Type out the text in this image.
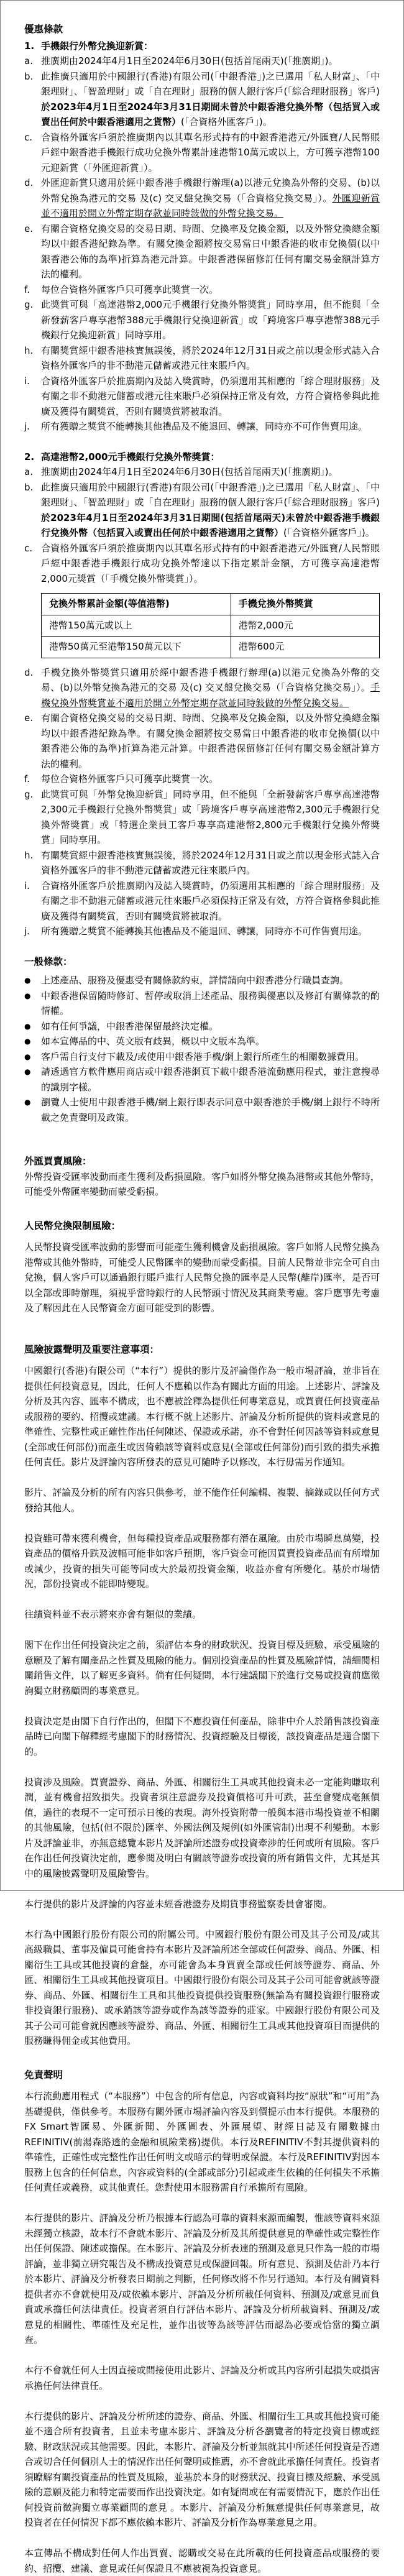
優惠條款
1. 手機銀行外幣兌換迎新賞：
a. 推廣期由2024年4月1日至2024年6月30日(包括首尾兩天)(「推廣期」)。
b. 此推廣只適用於中國銀行(香港)有限公司(「中銀香港」)之已選用「私人財富」、「中銀理財」、「智盈理財」或「自在理財」服務的個人銀行客戶(「綜合理財服務」客戶)於2023年4月1日至2024年3月31日期間未曾於中銀香港兌換外幣（包括買入或賣出任何於中銀香港適用之貨幣）(「合資格外匯客戶」)。
c. 合資格外匯客戶須於推廣期內以其單名形式持有的中銀香港港元/外匯寶/人民幣賬戶經中銀香港手機銀行成功兌換外幣累計達港幣10萬元或以上，方可獲享港幣100元迎新賞（「外匯迎新賞」）。
d. 外匯迎新賞只適用於經中銀香港手機銀行辦理(a)以港元兌換為外幣的交易、(b)以外幣兌換為港元的交易 及(c) 交叉盤兌換交易（「合資格兌換交易」）。外匯迎新賞並不適用於開立外幣定期存款並同時敍做的外幣兌換交易。
e. 有關合資格兌換交易的交易日期、時間、兌換率及兌換金額，以及外幣兌換總金額均以中銀香港紀錄為準。有關兌換金額將按交易當日中銀香港的收市兌換價(以中銀香港公佈的為準)折算為港元計算。中銀香港保留修訂任何有關交易金額計算方法的權利。
f.	每位合資格外匯客戶只可獲享此獎賞一次。
g. 此獎賞可與「高達港幣2,000元手機銀行兌換外幣獎賞」同時享用，但不能與「全新發薪客戶專享港幣388元手機銀行兌換迎新賞」或「跨境客戶專享港幣388元手機銀行兌換迎新賞」同時享用。
h. 有關獎賞經中銀香港核實無誤後，將於2024年12月31日或之前以現金形式誌入合資格外匯客戶的非不動港元儲蓄或港元往來賬戶內。
i.	合資格外匯客戶於推廣期內及誌入獎賞時，仍須選用其相應的「綜合理財服務」及有關之非不動港元儲蓄或港元往來賬戶必須保持正常及有效，方符合資格參與此推廣及獲得有關獎賞，否則有關獎賞將被取消。
j.	所有獲贈之獎賞不能轉換其他禮品及不能退回、轉讓，同時亦不可作售賣用途。
2. 高達港幣2,000元手機銀行兌換外幣獎賞：
a. 推廣期由2024年4月1日至2024年6月30日(包括首尾兩天)(「推廣期」)。
b. 此推廣只適用於中國銀行(香港)有限公司(「中銀香港」)之已選用「私人財富」、「中銀理財」、「智盈理財」或「自在理財」服務的個人銀行客戶(「綜合理財服務」客戶)於2023年4月1日至2024年3月31日期間(包括首尾兩天)未曾於中銀香港手機銀行兌換外幣（包括買入或賣出任何於中銀香港適用之貨幣）(「合資格外匯客戶」)。
c. 合資格外匯客戶須於推廣期內以其單名形式持有的中銀香港港元/外匯寶/人民幣賬戶經中銀香港手機銀行成功兌換外幣達以下指定累計金額，方可獲享高達港幣2,000元獎賞（「手機兌換外幣獎賞」）。
兌換外幣累計金額(等值港幣)	手機兌換外幣獎賞
港幣150萬元或以上	港幣2,000元
港幣50萬元至港幣150萬元以下	港幣600元
d. 手機兌換外幣獎賞只適用於經中銀香港手機銀行辦理(a)以港元兌換為外幣的交易、(b)以外幣兌換為港元的交易 及(c) 交叉盤兌換交易（「合資格兌換交易」）。手機兌換外幣獎賞並不適用於開立外幣定期存款並同時敍做的外幣兌換交易。
e. 有關合資格兌換交易的交易日期、時間、兌換率及兌換金額，以及外幣兌換總金額均以中銀香港紀錄為準。有關兌換金額將按交易當日中銀香港的收市兌換價(以中銀香港公佈的為準)折算為港元計算。中銀香港保留修訂任何有關交易金額計算方法的權利。
f.	每位合資格外匯客戶只可獲享此獎賞一次。
g. 此獎賞可與「外幣兌換迎新賞」同時享用，但不能與「全新發薪客戶專享高達港幣2,300元手機銀行兌換外幣獎賞」或「跨境客戶專享高達港幣2,300元手機銀行兌換外幣獎賞」或「特選企業員工客戶專享高達港幣2,800元手機銀行兌換外幣獎賞」同時享用。
h. 有關獎賞經中銀香港核實無誤後，將於2024年12月31日或之前以現金形式誌入合資格外匯客戶的非不動港元儲蓄或港元往來賬戶內。
i.	合資格外匯客戶於推廣期內及誌入獎賞時，仍須選用其相應的「綜合理財服務」及有關之非不動港元儲蓄或港元往來賬戶必須保持正常及有效，方符合資格參與此推廣及獲得有關獎賞，否則有關獎賞將被取消。
j.	所有獲贈之獎賞不能轉換其他禮品及不能退回、轉讓，同時亦不可作售賣用途。
一般條款：
●	上述產品、服務及優惠受有關條款約束，詳情請向中銀香港分行職員查詢。
●	中銀香港保留隨時修訂、暫停或取消上述產品、服務與優惠以及修訂有關條款的酌情權。
●	如有任何爭議，中銀香港保留最終決定權。
●	如本宣傳品的中、英文版有歧異，概以中文版本為準。
●	客戶需自行支付下載及/或使用中銀香港手機/網上銀行所產生的相關數據費用。
●	請透過官方軟件應用商店或中銀香港網頁下載中銀香港流動應用程式，並注意搜尋的識別字樣。
●	瀏覽人士使用中銀香港手機/網上銀行即表示同意中銀香港於手機/網上銀行不時所載之免責聲明及政策。
外匯買賣風險：

外幣投資受匯率波動而產生獲利及虧損風險。客戶如將外幣兌換為港幣或其他外幣時，可能受外幣匯率變動而蒙受虧損。

人民幣兌換限制風險：

人民幣投資受匯率波動的影響而可能產生獲利機會及虧損風險。客戶如將人民幣兌換為港幣或其他外幣時，可能受人民幣匯率的變動而蒙受虧損。目前人民幣並非完全可自由兌換，個人客戶可以通過銀行賬戶進行人民幣兌換的匯率是人民幣(離岸)匯率，是否可以全部或即時辦理，須視乎當時銀行的人民幣頭寸情況及其商業考慮。客戶應事先考慮及了解因此在人民幣資金方面可能受到的影響。

風險披露聲明及重要注意事項：

中國銀行(香港)有限公司（“本行”）提供的影片及評論僅作為一般市場評論，並非旨在提供任何投資意見，因此，任何人不應賴以作為有關此方面的用途。上述影片、評論及分析及其內容、匯率不構成，也不應被詮釋為提供任何專業意見，或買賣任何投資產品或服務的要約、招攬或建議。本行概不就上述影片、評論及分析所提供的資料或意見的準確性、完整性或正確性作出任何陳述、保證或承諾，亦不會對任何因該等資料或意見(全部或任何部份)而產生或因倚賴該等資料或意見(全部或任何部份)而引致的損失承擔任何責任。影片及評論內容所發表的意見可隨時予以修改，本行毋需另作通知。

影片、評論及分析的所有內容只供參考，並不能作任何編輯、複製、摘錄或以任何方式發給其他人。

投資雖可帶來獲利機會，但每種投資產品或服務都有潛在風險。由於市場瞬息萬變，投資產品的價格升跌及波幅可能非如客戶預期，客戶資金可能因買賣投資產品而有所增加或減少，投資的損失可能等同或大於最初投資金額，收益亦會有所變化。基於市場情況，部份投資或不能即時變現。

往績資料並不表示將來亦會有類似的業績。

閣下在作出任何投資決定之前，須評估本身的財政狀況、投資目標及經驗、承受風險的意願及了解有關產品之性質及風險的能力。個別投資產品的性質及風險詳情，請細閱相關銷售文件，以了解更多資料。倘有任何疑問，本行建議閣下於進行交易或投資前應徵詢獨立財務顧問的專業意見。

投資決定是由閣下自行作出的，但閣下不應投資任何產品，除非中介人於銷售該投資產品時已向閣下解釋經考慮閣下的財務情況、投資經驗及目標後，該投資產品是適合閣下的。

投資涉及風險。買賣證券、商品、外匯、相關衍生工具或其他投資未必一定能夠賺取利潤，並有機會招致損失。投資者須注意證券及投資價格可升可跌，甚至會變成毫無價值，過往的表現不一定可預示日後的表現。海外投資附帶一般與本港市場投資並不相關的其他風險，包括(但不限於)匯率、外國法例及規例(如外匯管制)出現不利變動。本影片及評論並非，亦無意總覽本影片及評論所述證券或投資牽涉的任何或所有風險。客戶在作出任何投資決定前，應參閱及明白有關該等證券或投資的所有銷售文件，尤其是其中的風險披露聲明及風險警告。

本行提供的影片及評論的內容並未經香港證券及期貨事務監察委員會審閱。

本行為中國銀行股份有限公司的附屬公司。中國銀行股份有限公司及其子公司及/或其高級職員、董事及僱員可能會持有本影片及評論所述全部或任何證券、商品、外匯、相關衍生工具或其他投資的倉盤，亦可能會為本身買賣全部或任何該等證券、商品、外匯、相關衍生工具或其他投資項目。中國銀行股份有限公司及其子公司可能會就該等證券、商品、外匯、相關衍生工具和其他投資提供投資服務(無論為有關投資銀行服務或非投資銀行服務)、或承銷該等證券或作為該等證券的莊家。中國銀行股份有限公司及其子公司可能會就因應該等證券、商品、外匯、相關衍生工具或其他投資項目而提供的服務賺得佣金或其他費用。

免責聲明

本行流動應用程式（“本服務”）中包含的所有信息，內容或資料均按“原狀”和“可用”為基礎提供，僅供參考。本服務有關外匯市場評論內容及到價提示由本行提供。本服務的FX Smart智匯易、外匯新聞、外匯圖表、外匯展望、財經日誌及有關數據由REFINITIV(前湯森路透的金融和風險業務)提供。本行及REFINITIV不對其提供資料的準確性，正確性或完整性作出任何明文或暗示的聲明或保證。本行及REFINITIV對因本服務上包含的任何信息，內容或資料的(全部或部分)引起或產生依賴的任何損失不承擔任何責任或義務，或其他責任。您對使用本服務需自行承擔所有風險。

本行提供的影片、評論及分析乃根據本行認為可靠的資料來源而編製，惟該等資料來源未經獨立核證，故本行不會就本影片、評論及分析及其所提供意見的準確性或完整性作出任何保證、陳述或擔保。在本影片、評論及分析表達的預測及意見只作為一般的市場評論，並非獨立研究報告及不構成投資意見或保證回報。所有意見、預測及估計乃本行於本影片、評論及分析發表日期前之判斷，任何修改將不作另行通知。本行及有關資料提供者亦不會就使用及/或依賴本影片、評論及分析所載任何資料、預測及/或意見而負責或承擔任何法律責任。投資者須自行評估本影片、評論及分析所載資料、預測及/或意見的相關性、準確性及充足性，並作出彼等為該等評估而認為必要或恰當的獨立調查。

本行不會就任何人士因直接或間接使用此影片、評論及分析或其內容所引起損失或損害承擔任何法律責任。

本行提供的影片、評論及分析所述的證券、商品、外匯、相關衍生工具或其他投資可能並不適合所有投資者，且並未考慮本影片、評論及分析各瀏覽者的特定投資目標或經驗、財政狀況或其他需要。因此，本影片、評論及分析並無就其中所述任何投資是否適合或切合任何個別人士的情況作出任何聲明或推薦，亦不會就此承擔任何責任。投資者須瞭解有關投資產品的性質及風險，並基於本身的財務狀況、投資目標及經驗、承受風險的意願及能力和特定需要而作出投資決定。如有疑問或在有需要情況下，應於作出任何投資前徵詢獨立專業顧問的意見 。本影片、評論及分析無意提供任何專業意見，故投資者在任何情況下都不應依賴本影片、評論及分析作為專業意見之用。

本宣傳品不構成對任何人作出買賣、認購或交易在此所載的任何投資產品或服務的要約、招攬、建議、意見或任何保證且不應被視為投資意見。
